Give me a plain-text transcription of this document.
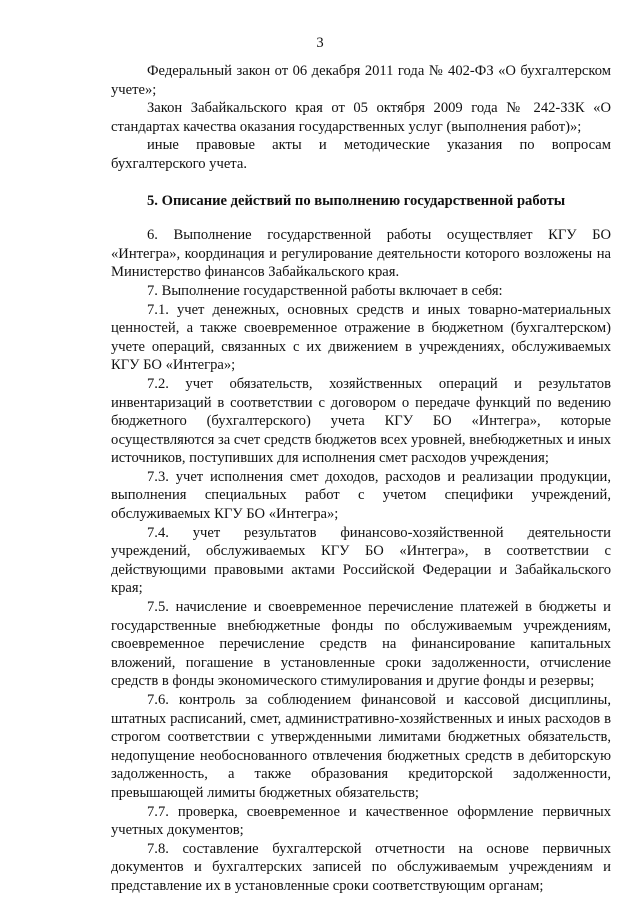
3

Федеральный закон от 06 декабря 2011 года № 402-ФЗ «О бухгалтерском учете»;

Закон Забайкальского края от 05 октября 2009 года № 242-ЗЗК «О стандартах качества оказания государственных услуг (выполнения работ)»;

иные правовые акты и методические указания по вопросам бухгалтерского учета.

5. Описание действий по выполнению государственной работы

6. Выполнение государственной работы осуществляет КГУ БО «Интегра», координация и регулирование деятельности которого возложены на Министерство финансов Забайкальского края.

7. Выполнение государственной работы включает в себя:

7.1. учет денежных, основных средств и иных товарно-материальных ценностей, а также своевременное отражение в бюджетном (бухгалтерском) учете операций, связанных с их движением в учреждениях, обслуживаемых КГУ БО «Интегра»;

7.2. учет обязательств, хозяйственных операций и результатов инвентаризаций в соответствии с договором о передаче функций по ведению бюджетного (бухгалтерского) учета КГУ БО «Интегра», которые осуществляются за счет средств бюджетов всех уровней, внебюджетных и иных источников, поступивших для исполнения смет расходов учреждения;

7.3. учет исполнения смет доходов, расходов и реализации продукции, выполнения специальных работ с учетом специфики учреждений, обслуживаемых КГУ БО «Интегра»;

7.4. учет результатов финансово-хозяйственной деятельности учреждений, обслуживаемых КГУ БО «Интегра», в соответствии с действующими правовыми актами Российской Федерации и Забайкальского края;

7.5. начисление и своевременное перечисление платежей в бюджеты и государственные внебюджетные фонды по обслуживаемым учреждениям, своевременное перечисление средств на финансирование капитальных вложений, погашение в установленные сроки задолженности, отчисление средств в фонды экономического стимулирования и другие фонды и резервы;

7.6. контроль за соблюдением финансовой и кассовой дисциплины, штатных расписаний, смет, административно-хозяйственных и иных расходов в строгом соответствии с утвержденными лимитами бюджетных обязательств, недопущение необоснованного отвлечения бюджетных средств в дебиторскую задолженность, а также образования кредиторской задолженности, превышающей лимиты бюджетных обязательств;

7.7. проверка, своевременное и качественное оформление первичных учетных документов;

7.8. составление бухгалтерской отчетности на основе первичных документов и бухгалтерских записей по обслуживаемым учреждениям и представление их в установленные сроки соответствующим органам;
